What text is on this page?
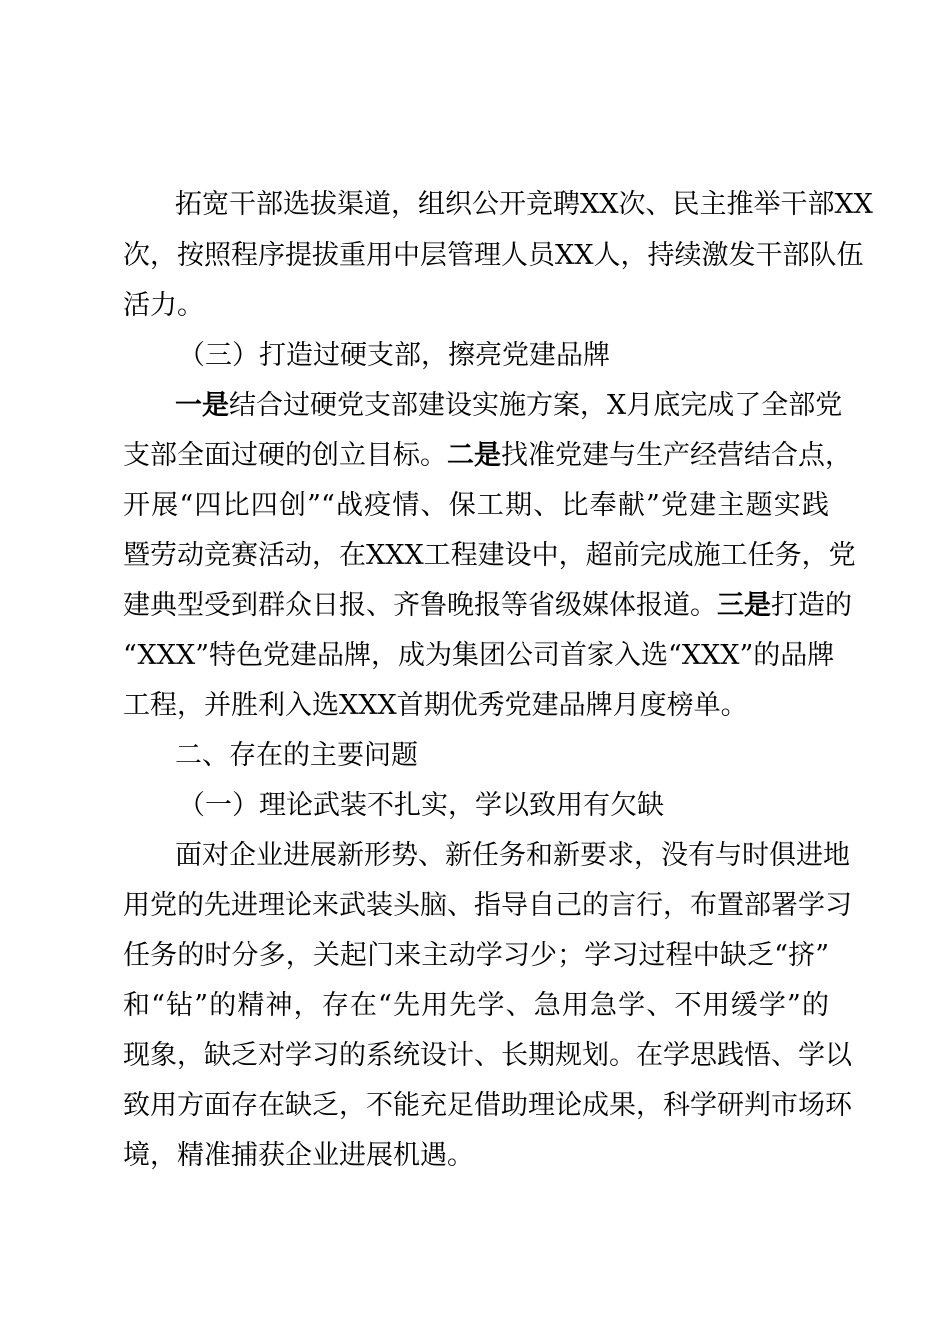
拓宽干部选拔渠道，组织公开竞聘XX次、民主推举干部XX
次，按照程序提拔重用中层管理人员XX人，持续激发干部队伍
活力。
（三）打造过硬支部，擦亮党建品牌
一是结合过硬党支部建设实施方案，X月底完成了全部党
支部全面过硬的创立目标。二是找准党建与生产经营结合点，
开展“四比四创”“战疫情、保工期、比奉献”党建主题实践
暨劳动竞赛活动，在XXX工程建设中，超前完成施工任务，党
建典型受到群众日报、齐鲁晚报等省级媒体报道。三是打造的
“XXX”特色党建品牌，成为集团公司首家入选“XXX”的品牌
工程，并胜利入选XXX首期优秀党建品牌月度榜单。
二、存在的主要问题
（一）理论武装不扎实，学以致用有欠缺
面对企业进展新形势、新任务和新要求，没有与时俱进地
用党的先进理论来武装头脑、指导自己的言行，布置部署学习
任务的时分多，关起门来主动学习少；学习过程中缺乏“挤”
和“钻”的精神，存在“先用先学、急用急学、不用缓学”的
现象，缺乏对学习的系统设计、长期规划。在学思践悟、学以
致用方面存在缺乏，不能充足借助理论成果，科学研判市场环
境，精准捕获企业进展机遇。
